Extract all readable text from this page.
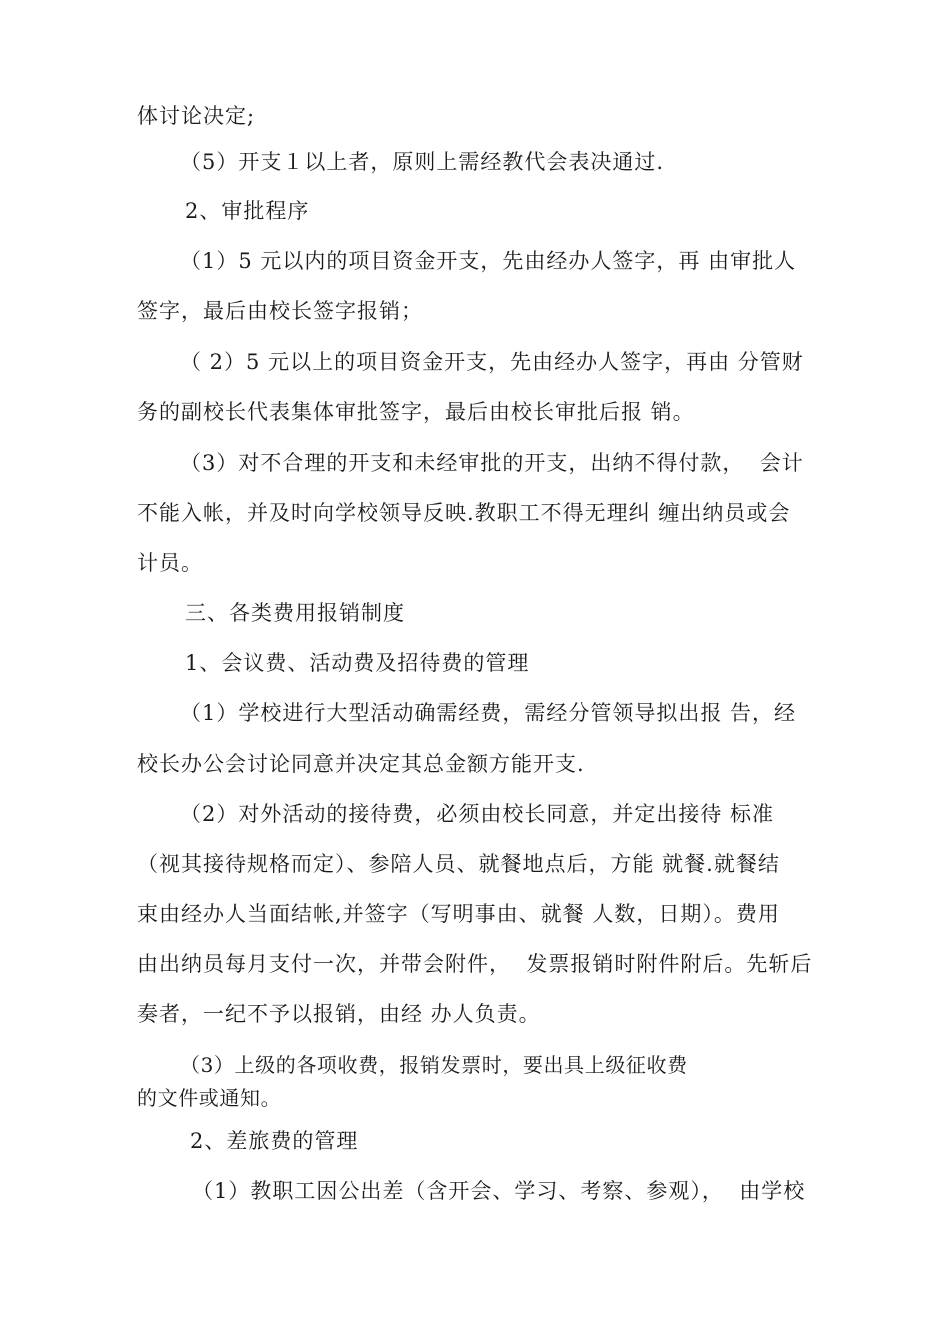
体讨论决定;
（5）开支１以上者，原则上需经教代会表决通过.
2、审批程序
（1）5 元以内的项目资金开支，先由经办人签字，再 由审批人
签字，最后由校长签字报销；
（ 2）5 元以上的项目资金开支，先由经办人签字，再由 分管财
务的副校长代表集体审批签字，最后由校长审批后报 销。
（3）对不合理的开支和未经审批的开支，出纳不得付款，  会计
不能入帐，并及时向学校领导反映.教职工不得无理纠 缠出纳员或会
计员。
三、各类费用报销制度
1、会议费、活动费及招待费的管理
（1）学校进行大型活动确需经费，需经分管领导拟出报 告，经
校长办公会讨论同意并决定其总金额方能开支.
（2）对外活动的接待费，必须由校长同意，并定出接待 标准
（视其接待规格而定）、参陪人员、就餐地点后，方能 就餐.就餐结
束由经办人当面结帐,并签字（写明事由、就餐 人数，日期）。费用
由出纳员每月支付一次，并带会附件，  发票报销时附件附后。先斩后
奏者，一纪不予以报销，由经 办人负责。
（3）上级的各项收费，报销发票时，要出具上级征收费
的文件或通知。
2、差旅费的管理
（1）教职工因公出差（含开会、学习、考察、参观），  由学校
